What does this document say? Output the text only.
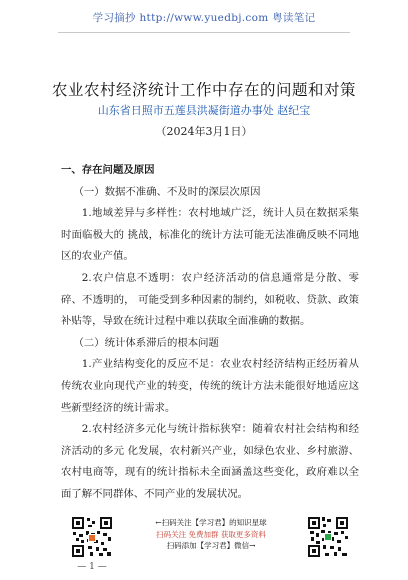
学习摘抄 http://www.yuedbj.com 粤读笔记
农业农村经济统计工作中存在的问题和对策
山东省日照市五莲县洪凝街道办事处 赵纪宝
（2024年3月1日）
一、存在问题及原因
（一）数据不准确、不及时的深层次原因
1.地域差异与多样性：农村地域广泛，统计人员在数据采集时面临极大的 挑战，标准化的统计方法可能无法准确反映不同地区的农业产值。
2.农户信息不透明：农户经济活动的信息通常是分散、零碎、不透明的， 可能受到多种因素的制约，如税收、贷款、政策补贴等，导致在统计过程中难以获取全面准确的数据。
（二）统计体系滞后的根本问题
1.产业结构变化的反应不足：农业农村经济结构正经历着从传统农业向现代产业的转变，传统的统计方法未能很好地适应这些新型经济的统计需求。
2.农村经济多元化与统计指标狭窄：随着农村社会结构和经济活动的多元 化发展，农村新兴产业，如绿色农业、乡村旅游、农村电商等，现有的统计指标未全面涵盖这些变化，政府难以全面了解不同群体、不同产业的发展状况。
←扫码关注【学习君】的知识星球
扫码关注 免费加群 获取更多资料
扫码添加【学习君】微信→
— 1 —
